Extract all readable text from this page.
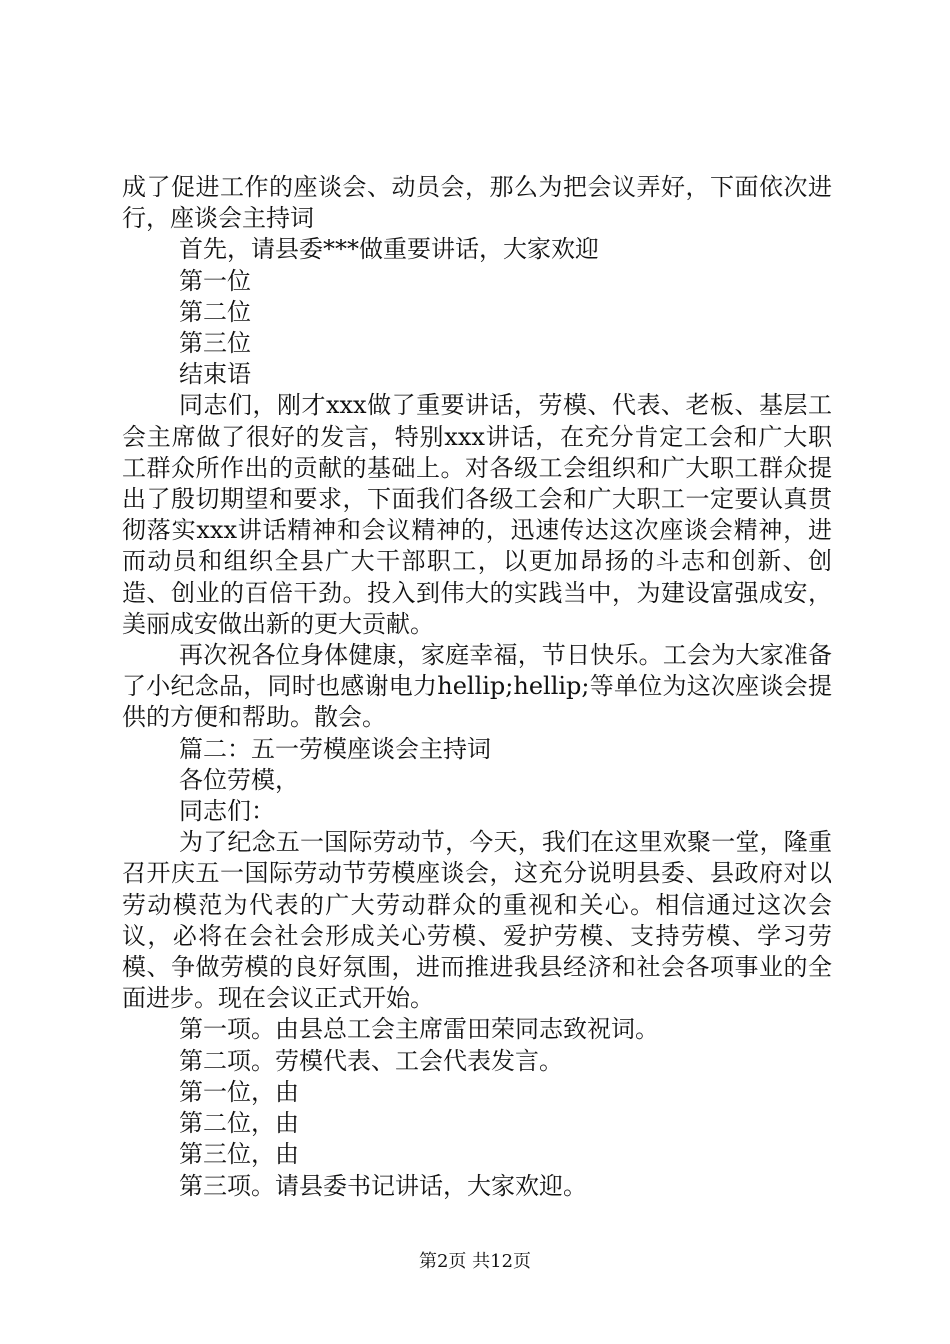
成了促进工作的座谈会、动员会，那么为把会议弄好，下面依次进行，座谈会主持词

首先，请县委***做重要讲话，大家欢迎

第一位

第二位

第三位

结束语

同志们，刚才xxx做了重要讲话，劳模、代表、老板、基层工会主席做了很好的发言，特别xxx讲话，在充分肯定工会和广大职工群众所作出的贡献的基础上。对各级工会组织和广大职工群众提出了殷切期望和要求，下面我们各级工会和广大职工一定要认真贯彻落实xxx讲话精神和会议精神的，迅速传达这次座谈会精神，进而动员和组织全县广大干部职工，以更加昂扬的斗志和创新、创造、创业的百倍干劲。投入到伟大的实践当中，为建设富强成安，美丽成安做出新的更大贡献。

再次祝各位身体健康，家庭幸福，节日快乐。工会为大家准备了小纪念品，同时也感谢电力hellip;hellip;等单位为这次座谈会提供的方便和帮助。散会。

篇二：五一劳模座谈会主持词

各位劳模，

同志们：

为了纪念五一国际劳动节，今天，我们在这里欢聚一堂，隆重召开庆五一国际劳动节劳模座谈会，这充分说明县委、县政府对以劳动模范为代表的广大劳动群众的重视和关心。相信通过这次会议，必将在会社会形成关心劳模、爱护劳模、支持劳模、学习劳模、争做劳模的良好氛围，进而推进我县经济和社会各项事业的全面进步。现在会议正式开始。

第一项。由县总工会主席雷田荣同志致祝词。

第二项。劳模代表、工会代表发言。

第一位，由

第二位，由

第三位，由

第三项。请县委书记讲话，大家欢迎。

第2页 共12页
